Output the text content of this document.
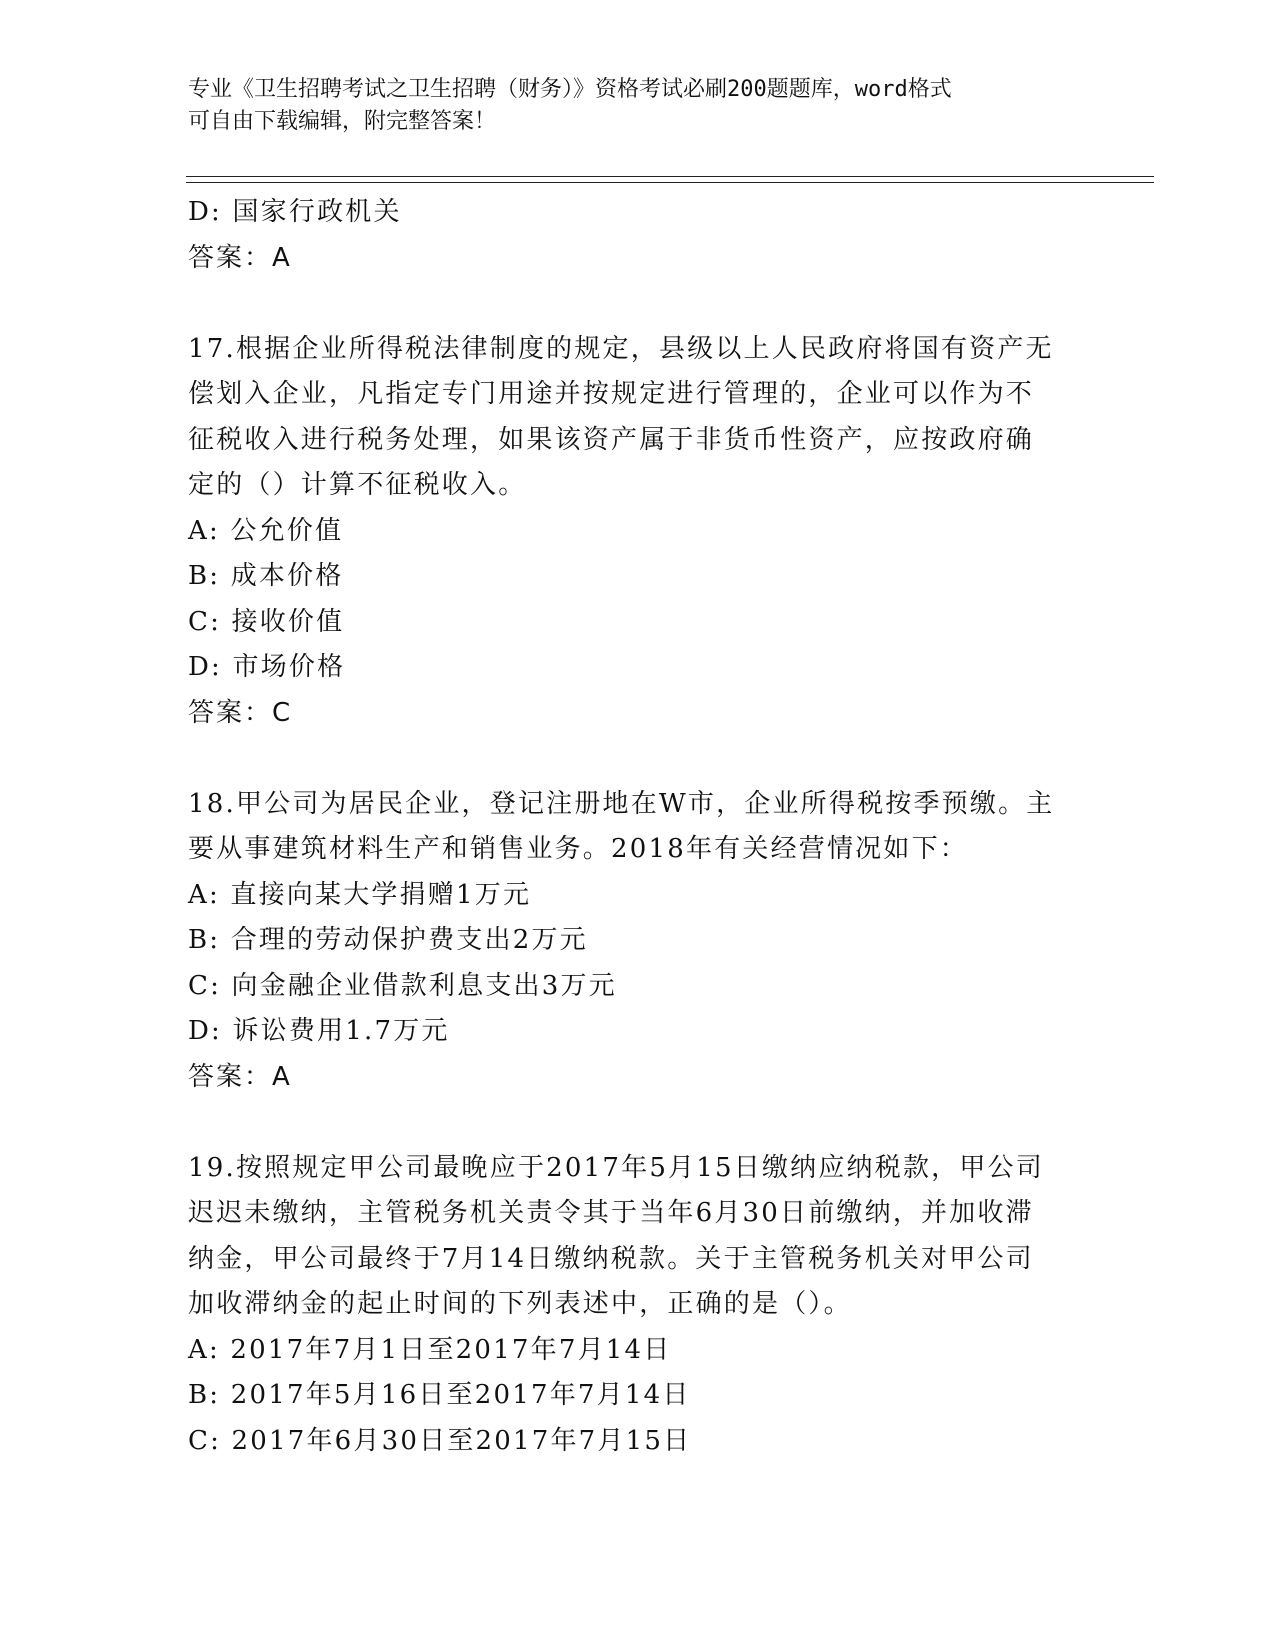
专业《卫生招聘考试之卫生招聘（财务）》资格考试必刷200题题库，word格式
可自由下载编辑，附完整答案！
D: 国家行政机关
答案：A
17.根据企业所得税法律制度的规定，县级以上人民政府将国有资产无
偿划入企业，凡指定专门用途并按规定进行管理的，企业可以作为不
征税收入进行税务处理，如果该资产属于非货币性资产，应按政府确
定的（）计算不征税收入。
A: 公允价值
B: 成本价格
C: 接收价值
D: 市场价格
答案：C
18.甲公司为居民企业，登记注册地在W市，企业所得税按季预缴。主
要从事建筑材料生产和销售业务。2018年有关经营情况如下：
A: 直接向某大学捐赠1万元
B: 合理的劳动保护费支出2万元
C: 向金融企业借款利息支出3万元
D: 诉讼费用1.7万元
答案：A
19.按照规定甲公司最晚应于2017年5月15日缴纳应纳税款，甲公司
迟迟未缴纳，主管税务机关责令其于当年6月30日前缴纳，并加收滞
纳金，甲公司最终于7月14日缴纳税款。关于主管税务机关对甲公司
加收滞纳金的起止时间的下列表述中，正确的是（）。
A: 2017年7月1日至2017年7月14日
B: 2017年5月16日至2017年7月14日
C: 2017年6月30日至2017年7月15日
